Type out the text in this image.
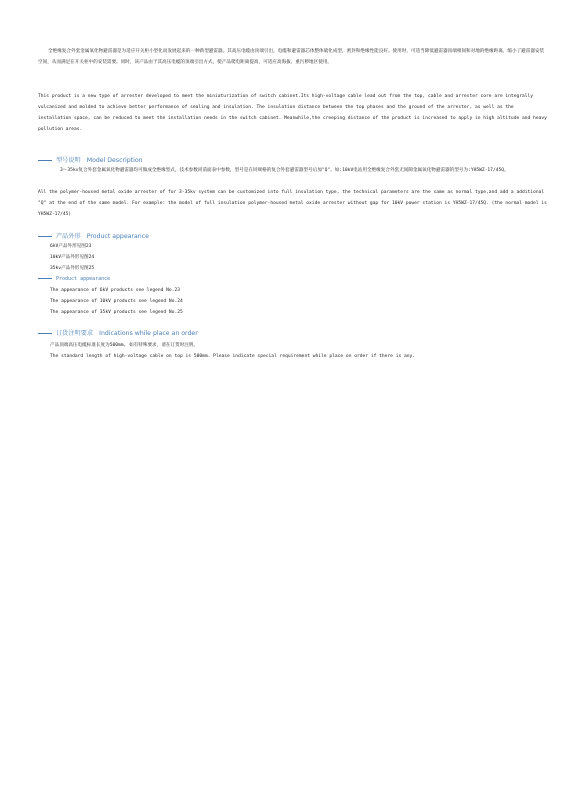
全绝缘复合外套金属氧化物避雷器是为适应开关柜小型化而发展起来的一种新型避雷器。其高压电缆由顶端引出，电缆和避雷器芯体整体硫化成型，密封和绝缘性能良好。使用时，可适当降低避雷器顶端相间和对地的绝缘距离，缩小了避雷器安装空间，从而满足在开关柜中的安装需要。同时，该产品由于其高压电缆的顶端引出方式，使产品爬电距离提高，可适应高海拔、重污秽地区使用。

This product is a new type of arrester developed to meet the miniaturization of switch cabinet.Its high-voltage cable lead out from the top, cable and arrester core are integrally vulcanized and molded to achieve better performance of sealing and insulation. The insulation distance between the top phases and the ground of the arrester, as well as the installation space, can be reduced to meet the installation needs in the switch cabinet. Meanwhile,the creeping distance of the product is increased to apply in high altitude and heavy pollution areas.

型号说明 Model Description

3～35kv复合外套金属氧化物避雷器均可做成全绝缘型式，技术参数同前面表中参数，型号是在同规格的复合外套避雷器型号后加"Q"。如:10kV电站用全绝缘复合外套无间隙金属氧化物避雷器的型号为:YH5WZ-17/45Q。

All the polymer-housed metal oxide arrester of for 3-35kv system can be customized into full insulation type, the technical parameters are the same as normal type,and add a additional "Q" at the end of the same model. For example: the model of full insulation polymer-housed metal oxide arrester without gap for 10kV power station is YH5WZ-17/45Q. (the normal model is YH5WZ-17/45)

产品外形 Product appearance

6kV产品外形见图23

10kV产品外形见图24

35kv产品外形见图25

Product appearance

The appearance of 6kV products see legend No.23

The appearance of 10kV products see legend No.24

The appearance of 35kV products see legend No.25

订货注明要求 Indications while place an order

产品顶端高压电缆标准长度为500mm, 如有特殊要求，请在订货时注明。

The standard length of high-voltage cable on top is 500mm. Please indicate special requirement while place on order if there is any.
